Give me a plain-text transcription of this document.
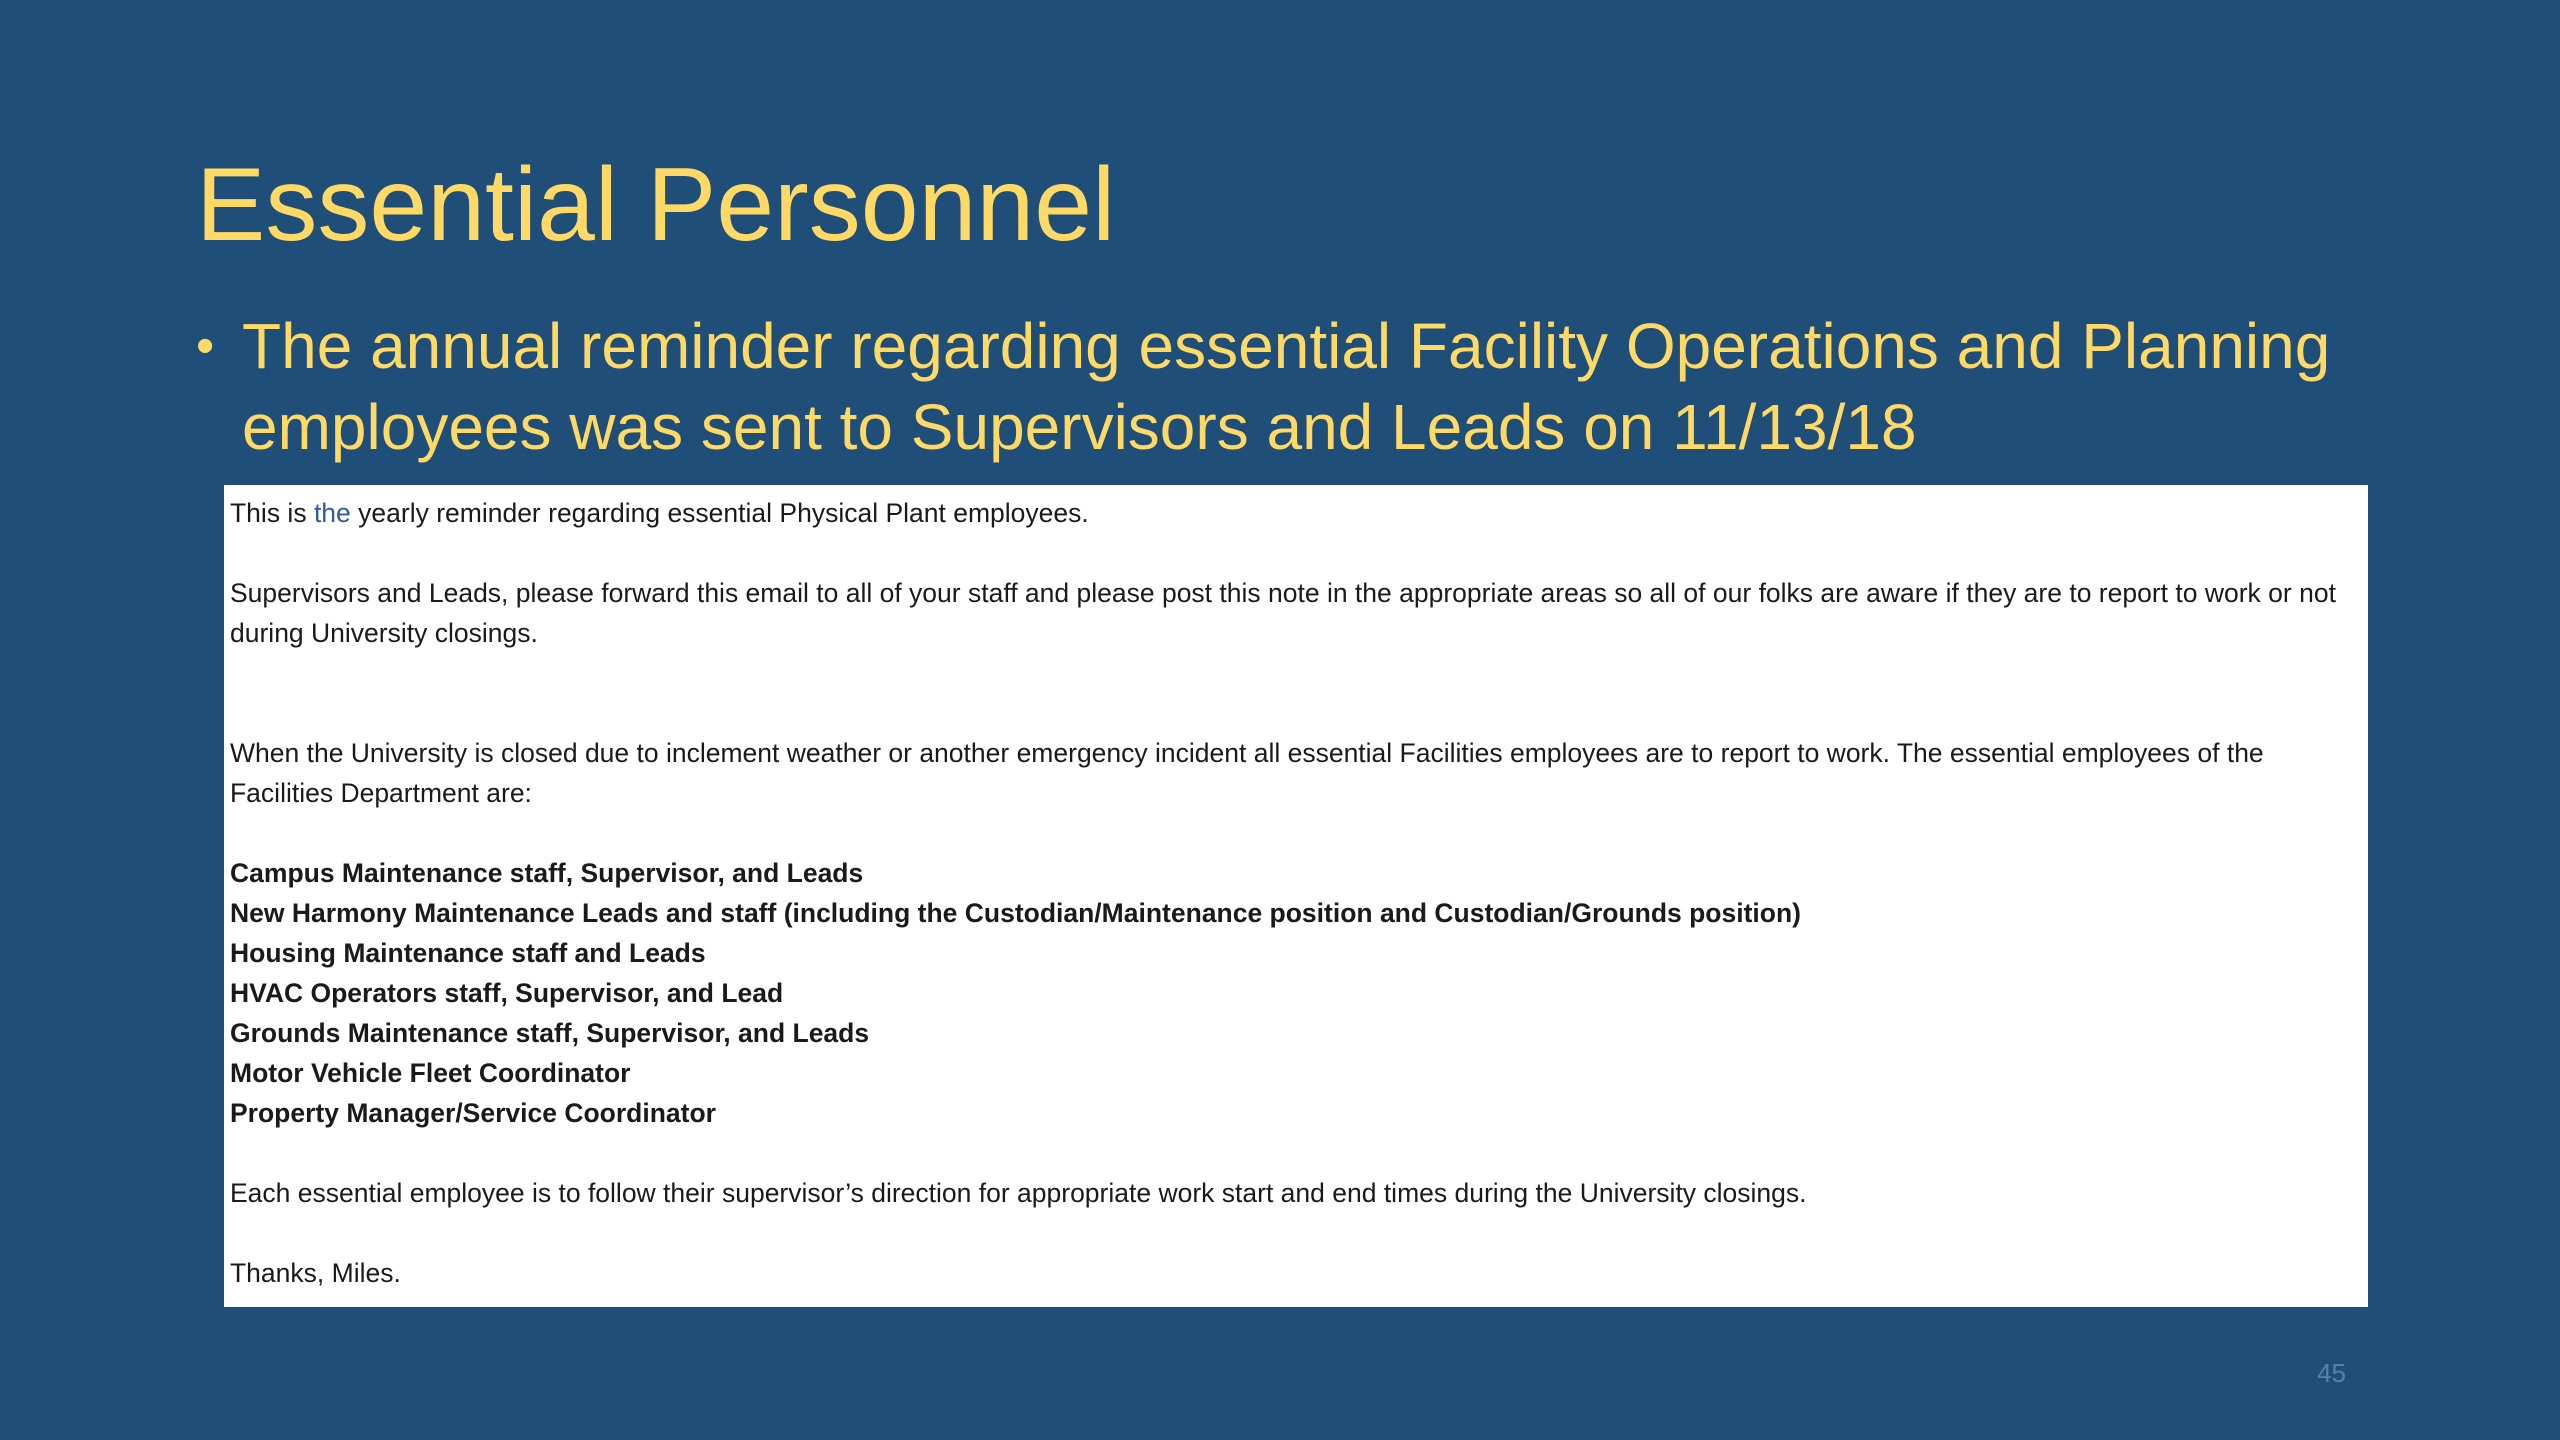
Essential Personnel
• The annual reminder regarding essential Facility Operations and Planning employees was sent to Supervisors and Leads on 11/13/18

This is the yearly reminder regarding essential Physical Plant employees.

Supervisors and Leads, please forward this email to all of your staff and please post this note in the appropriate areas so all of our folks are aware if they are to report to work or not during University closings.

When the University is closed due to inclement weather or another emergency incident all essential Facilities employees are to report to work. The essential employees of the Facilities Department are:

Campus Maintenance staff, Supervisor, and Leads

New Harmony Maintenance Leads and staff (including the Custodian/Maintenance position and Custodian/Grounds position)

Housing Maintenance staff and Leads

HVAC Operators staff, Supervisor, and Lead

Grounds Maintenance staff, Supervisor, and Leads

Motor Vehicle Fleet Coordinator

Property Manager/Service Coordinator

Each essential employee is to follow their supervisor’s direction for appropriate work start and end times during the University closings.

Thanks, Miles.

45
